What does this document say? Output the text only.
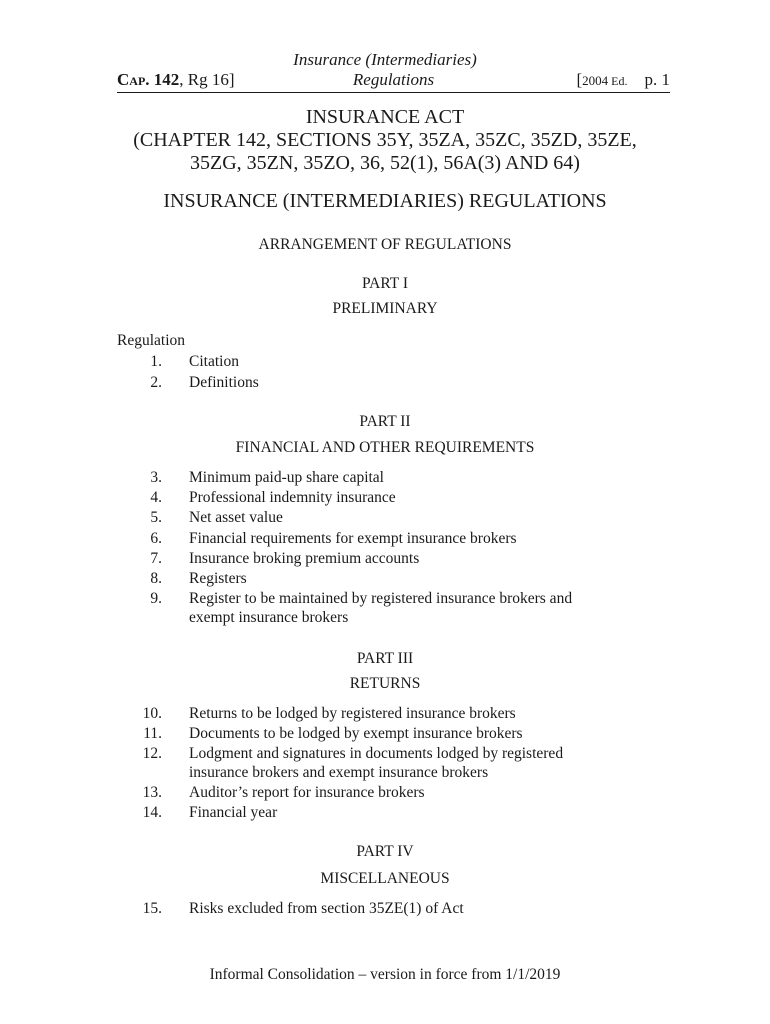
Insurance (Intermediaries)
Cap. 142, Rg 16]	Regulations	[2004 Ed. p. 1
INSURANCE ACT
(CHAPTER 142, SECTIONS 35Y, 35ZA, 35ZC, 35ZD, 35ZE,
35ZG, 35ZN, 35ZO, 36, 52(1), 56A(3) AND 64)
INSURANCE (INTERMEDIARIES) REGULATIONS
ARRANGEMENT OF REGULATIONS
PART I
PRELIMINARY
Regulation
1. Citation
2. Definitions
PART II
FINANCIAL AND OTHER REQUIREMENTS
3. Minimum paid-up share capital
4. Professional indemnity insurance
5. Net asset value
6. Financial requirements for exempt insurance brokers
7. Insurance broking premium accounts
8. Registers
9. Register to be maintained by registered insurance brokers and
exempt insurance brokers
PART III
RETURNS
10. Returns to be lodged by registered insurance brokers
11. Documents to be lodged by exempt insurance brokers
12. Lodgment and signatures in documents lodged by registered
insurance brokers and exempt insurance brokers
13. Auditor’s report for insurance brokers
14. Financial year
PART IV
MISCELLANEOUS
15. Risks excluded from section 35ZE(1) of Act
Informal Consolidation – version in force from 1/1/2019
